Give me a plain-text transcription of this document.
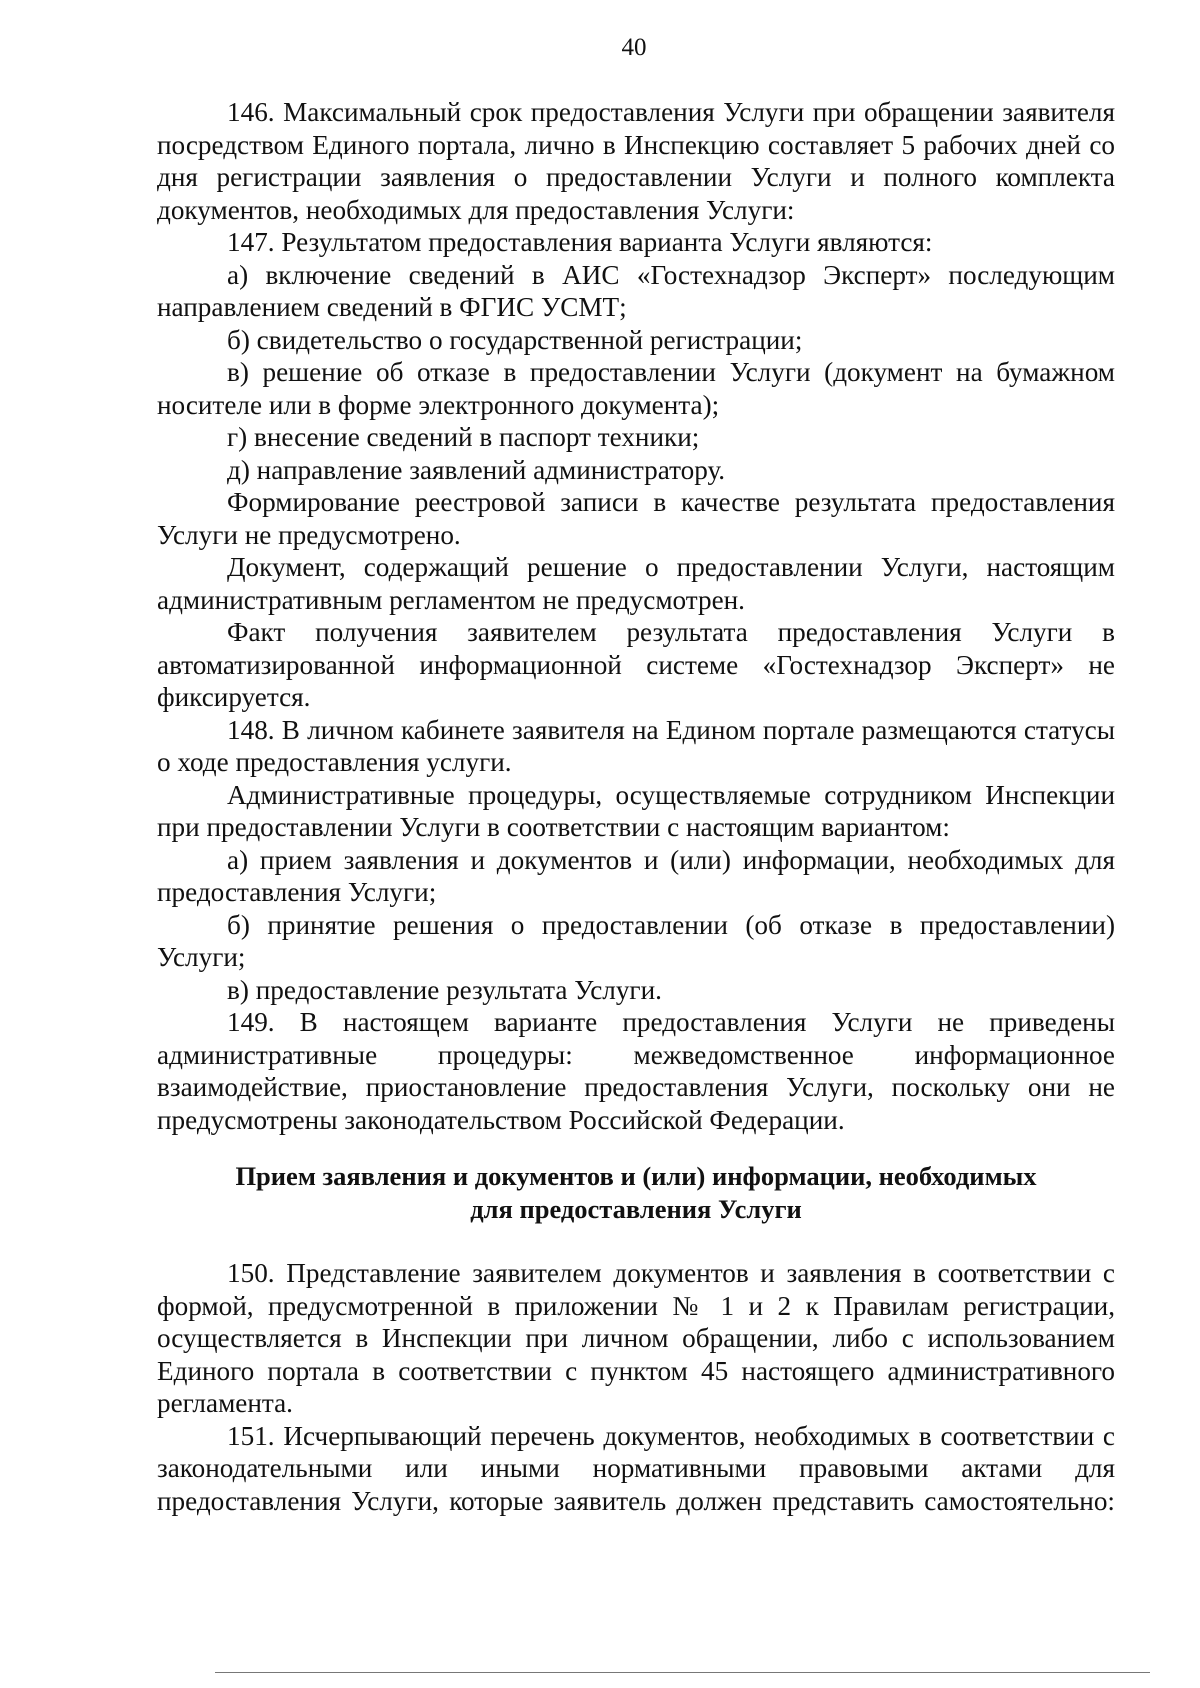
40

146. Максимальный срок предоставления Услуги при обращении заявителя посредством Единого портала, лично в Инспекцию составляет 5 рабочих дней со дня регистрации заявления о предоставлении Услуги и полного комплекта документов, необходимых для предоставления Услуги:

147. Результатом предоставления варианта Услуги являются:

а) включение сведений в АИС «Гостехнадзор Эксперт» последующим направлением сведений в ФГИС УСМТ;

б) свидетельство о государственной регистрации;

в) решение об отказе в предоставлении Услуги (документ на бумажном носителе или в форме электронного документа);

г) внесение сведений в паспорт техники;

д) направление заявлений администратору.

Формирование реестровой записи в качестве результата предоставления Услуги не предусмотрено.

Документ, содержащий решение о предоставлении Услуги, настоящим административным регламентом не предусмотрен.

Факт получения заявителем результата предоставления Услуги в автоматизированной информационной системе «Гостехнадзор Эксперт» не фиксируется.

148. В личном кабинете заявителя на Едином портале размещаются статусы о ходе предоставления услуги.

Административные процедуры, осуществляемые сотрудником Инспекции при предоставлении Услуги в соответствии с настоящим вариантом:

а) прием заявления и документов и (или) информации, необходимых для предоставления Услуги;

б) принятие решения о предоставлении (об отказе в предоставлении) Услуги;

в) предоставление результата Услуги.

149. В настоящем варианте предоставления Услуги не приведены административные процедуры: межведомственное информационное взаимодействие, приостановление предоставления Услуги, поскольку они не предусмотрены законодательством Российской Федерации.

Прием заявления и документов и (или) информации, необходимых
для предоставления Услуги

150. Представление заявителем документов и заявления в соответствии с формой, предусмотренной в приложении № 1 и 2 к Правилам регистрации, осуществляется в Инспекции при личном обращении, либо с использованием Единого портала в соответствии с пунктом 45 настоящего административного регламента.

151. Исчерпывающий перечень документов, необходимых в соответствии с законодательными или иными нормативными правовыми актами для предоставления Услуги, которые заявитель должен представить самостоятельно:
